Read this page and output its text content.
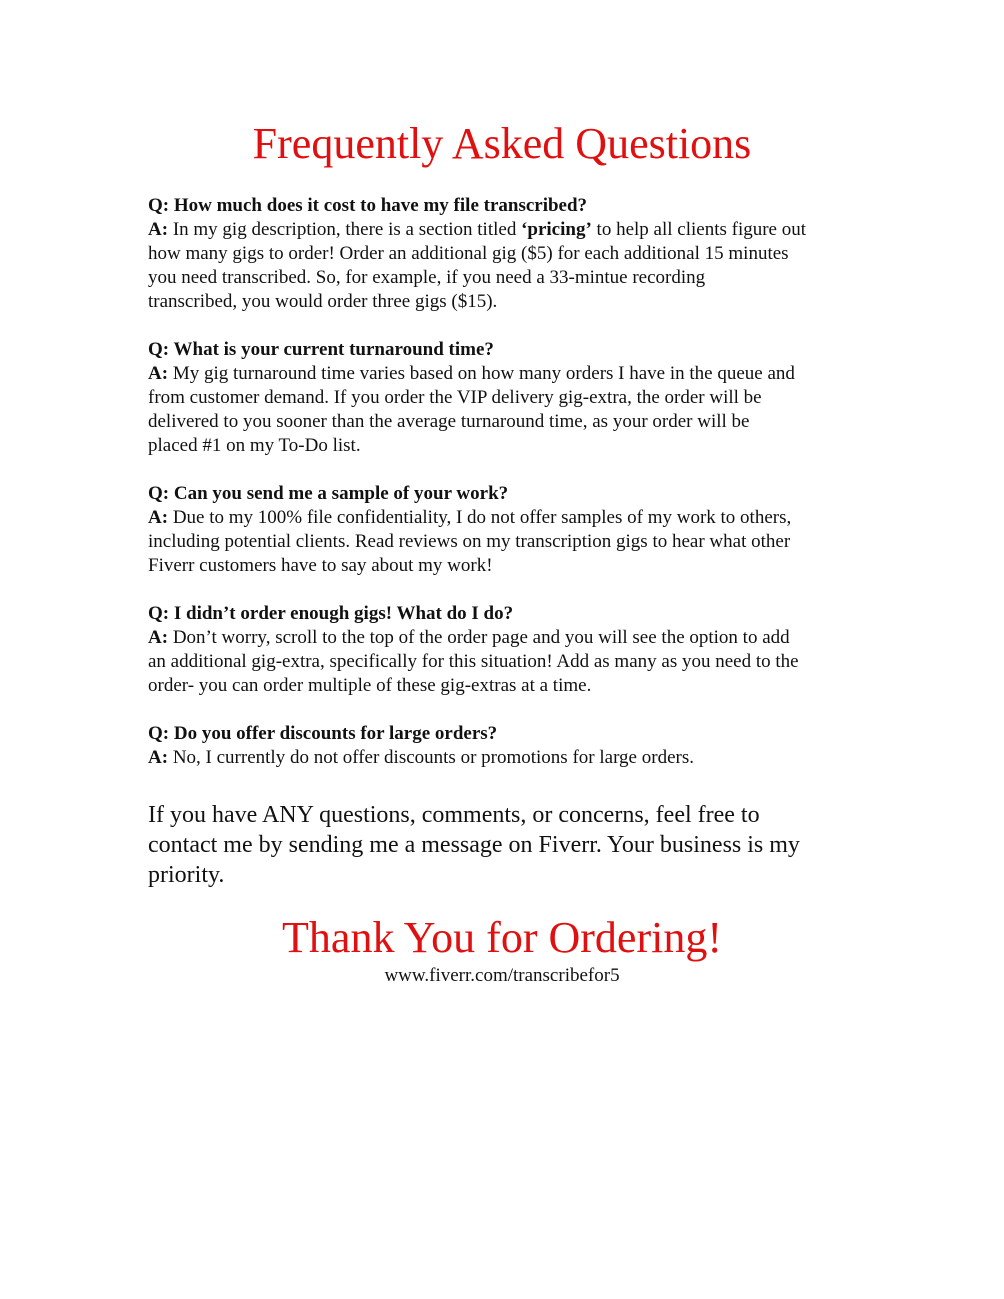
Frequently Asked Questions

Q: How much does it cost to have my file transcribed?

A: In my gig description, there is a section titled ‘pricing’ to help all clients figure out
how many gigs to order! Order an additional gig ($5) for each additional 15 minutes
you need transcribed. So, for example, if you need a 33-mintue recording
transcribed, you would order three gigs ($15).

Q: What is your current turnaround time?

A: My gig turnaround time varies based on how many orders I have in the queue and
from customer demand. If you order the VIP delivery gig-extra, the order will be
delivered to you sooner than the average turnaround time, as your order will be
placed #1 on my To-Do list.

Q: Can you send me a sample of your work?

A: Due to my 100% file confidentiality, I do not offer samples of my work to others,
including potential clients. Read reviews on my transcription gigs to hear what other
Fiverr customers have to say about my work!

Q: I didn’t order enough gigs! What do I do?

A: Don’t worry, scroll to the top of the order page and you will see the option to add
an additional gig-extra, specifically for this situation! Add as many as you need to the
order- you can order multiple of these gig-extras at a time.

Q: Do you offer discounts for large orders?

A: No, I currently do not offer discounts or promotions for large orders.

If you have ANY questions, comments, or concerns, feel free to
contact me by sending me a message on Fiverr. Your business is my
priority.

Thank You for Ordering!

www.fiverr.com/transcribefor5
